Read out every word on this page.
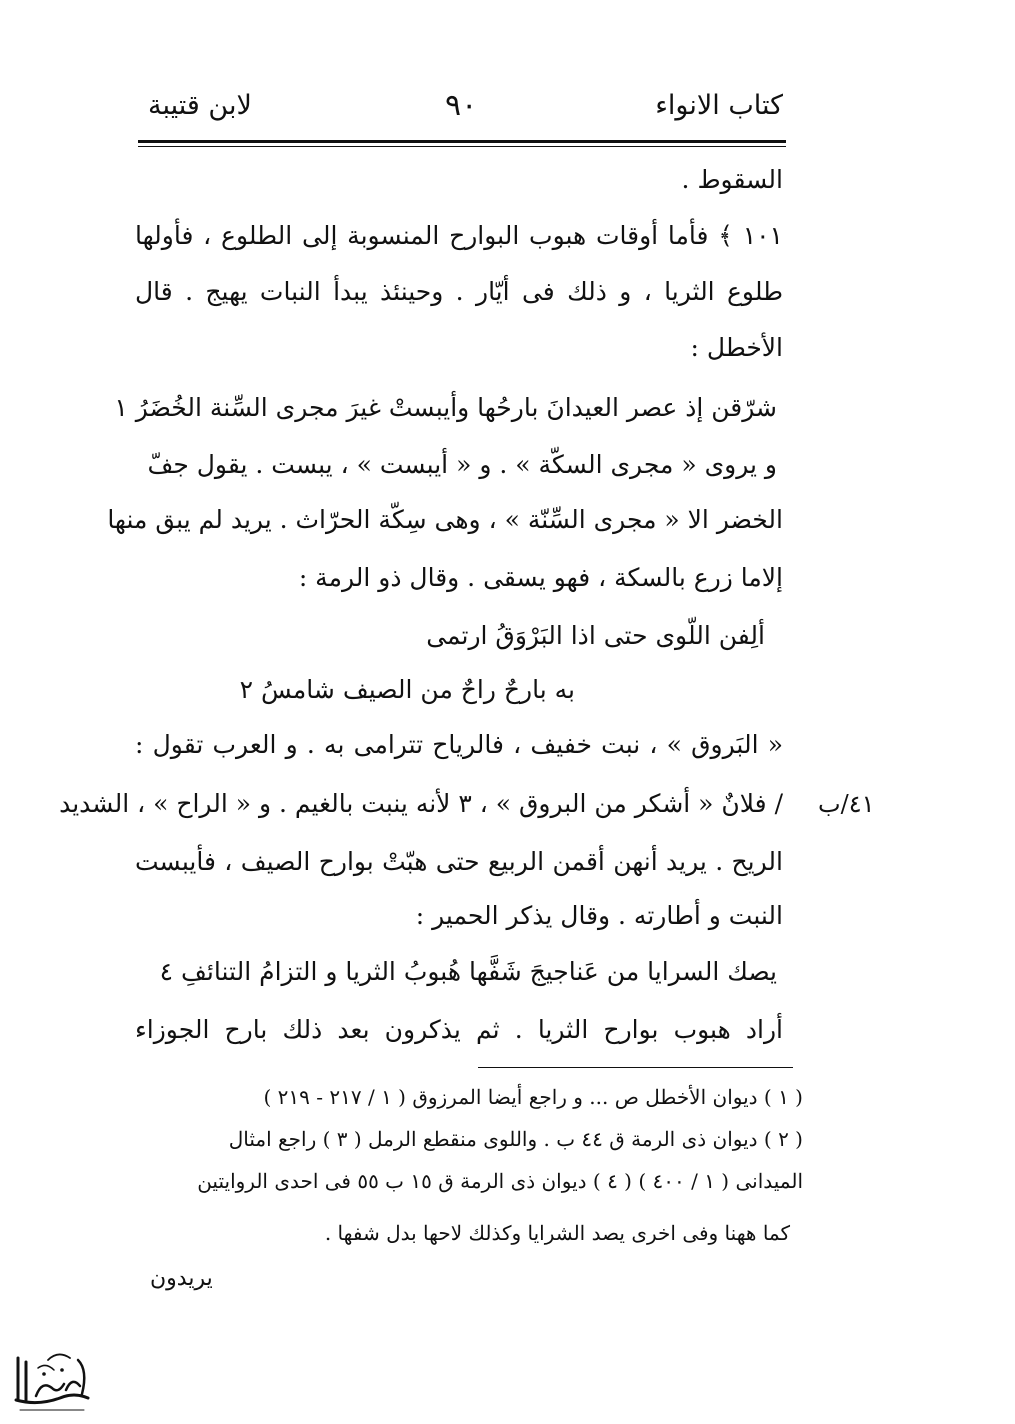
كتاب الانواء
٩٠
لابن قتيبة
السقوط .
١٠١ ﴾ فأما أوقات هبوب البوارح المنسوبة إلى الطلوع ، فأولها
طلوع الثريا ، و ذلك فى أيّار . وحينئذ يبدأ النبات يهيج . قال
الأخطل :
شرّقن إذ عصر العيدانَ بارحُها وأيبستْ غيرَ مجرى السِّنة الخُضَرُ ١
و يروى « مجرى السكّة » . و « أيبست » ، يبست . يقول جفّ
الخضر الا « مجرى السِّنّة » ، وهى سِكّة الحرّاث . يريد لم يبق منها
إلاما زرع بالسكة ، فهو يسقى . وقال ذو الرمة :
ألِفن اللّوى حتى اذا البَرْوَقُ ارتمى
به بارحٌ راحٌ من الصيف شامسُ ٢
« البَروق » ، نبت خفيف ، فالرياح تترامى به . و العرب تقول :
٤١/ب
/ فلانٌ « أشكر من البروق » ، ٣ لأنه ينبت بالغيم . و « الراح » ، الشديد
الريح . يريد أنهن أقمن الربيع حتى هبّتْ بوارح الصيف ، فأيبست
النبت و أطارته . وقال يذكر الحمير :
يصك السرايا من عَناجيجَ شَفَّها هُبوبُ الثريا و التزامُ التنائفِ ٤
أراد هبوب بوارح الثريا . ثم يذكرون بعد ذلك بارح الجوزاء
( ١ ) ديوان الأخطل ص ... و راجع أيضا المرزوق ( ١ / ٢١٧ - ٢١٩ )
( ٢ ) ديوان ذى الرمة ق ٤٤ ب . واللوى منقطع الرمل ( ٣ ) راجع امثال
الميدانى ( ١ / ٤٠٠ ) ( ٤ ) ديوان ذى الرمة ق ١٥ ب ٥٥ فى احدى الروايتين
كما ههنا وفى اخرى يصد الشرايا وكذلك لاحها بدل شفها .
يريدون
